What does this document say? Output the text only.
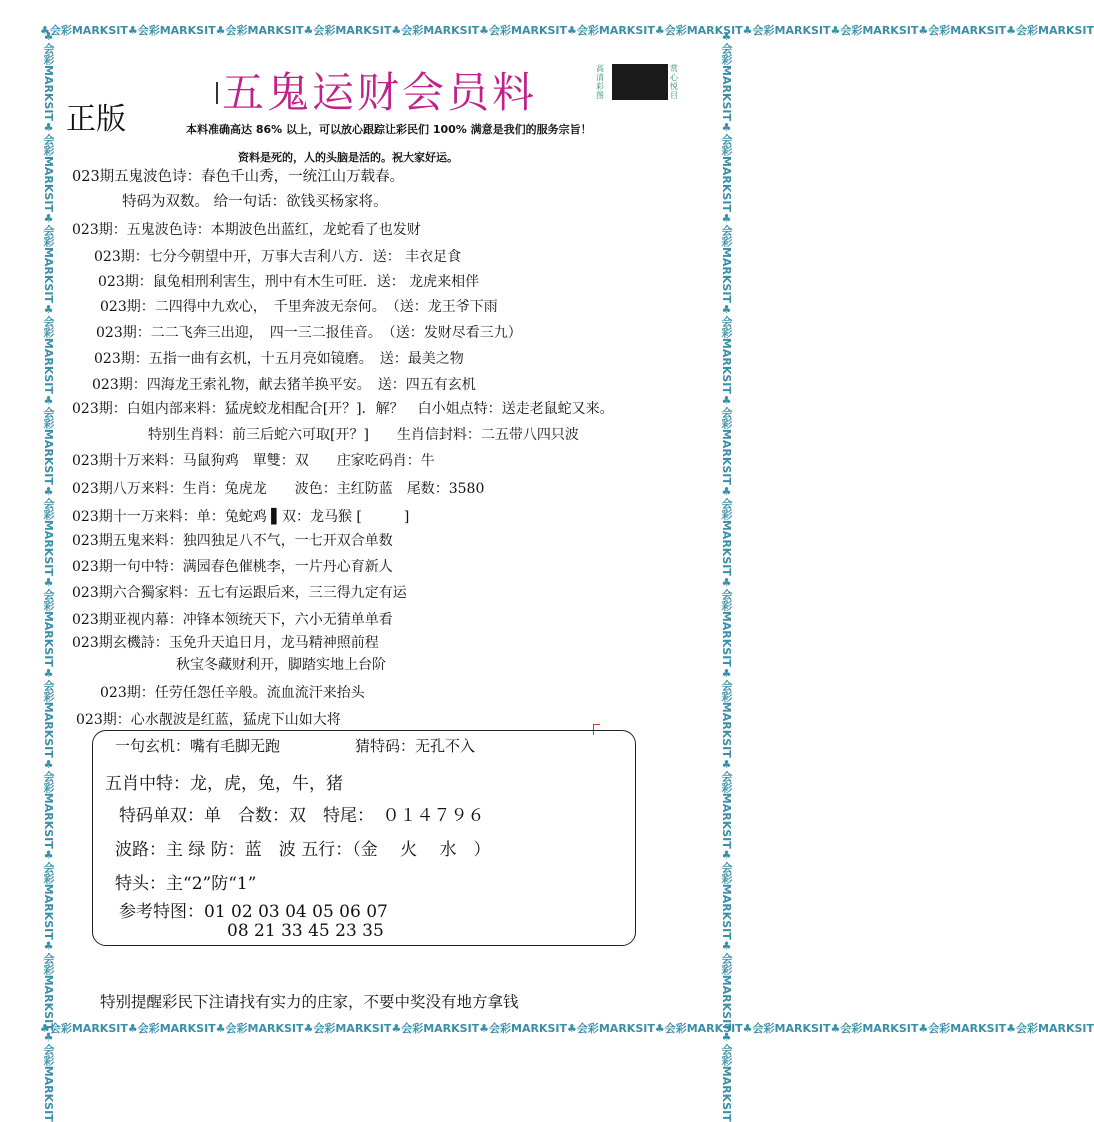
♣会彩MARKSIT♣会彩MARKSIT♣会彩MARKSIT♣会彩MARKSIT♣会彩MARKSIT♣会彩MARKSIT♣会彩MARKSIT♣会彩MARKSIT♣会彩MARKSIT♣会彩MARKSIT♣会彩MARKSIT♣会彩MARKSIT
♣会彩MARKSIT♣会彩MARKSIT♣会彩MARKSIT♣会彩MARKSIT♣会彩MARKSIT♣会彩MARKSIT♣会彩MARKSIT♣会彩MARKSIT♣会彩MARKSIT♣会彩MARKSIT♣会彩MARKSIT♣会彩MARKSIT
♣会彩MARKSIT♣会彩MARKSIT♣会彩MARKSIT♣会彩MARKSIT♣会彩MARKSIT♣会彩MARKSIT♣会彩MARKSIT♣会彩MARKSIT♣会彩MARKSIT♣会彩MARKSIT♣会彩MARKSIT♣会彩MARKSIT	♣会彩MARKSIT♣会彩MARKSIT♣会彩MARKSIT♣会彩MARKSIT♣会彩MARKSIT♣会彩MARKSIT♣会彩MARKSIT♣会彩MARKSIT♣会彩MARKSIT♣会彩MARKSIT♣会彩MARKSIT♣会彩MARKSIT
五鬼运财会员料
正版
高清彩图
赏心悦目
本料准确高达 86% 以上，可以放心跟踪让彩民们 100% 满意是我们的服务宗旨！
资料是死的，人的头脑是活的。祝大家好运。
023期五鬼波色诗：春色千山秀，一统江山万载春。
特码为双数。 给一句话：欲钱买杨家将。
023期：五鬼波色诗：本期波色出蓝红，龙蛇看了也发财
023期：七分今朝望中开，万事大吉利八方．送： 丰衣足食
023期：鼠兔相刑利害生，刑中有木生可旺．送： 龙虎来相伴
023期：二四得中九欢心，　千里奔波无奈何。　（送：龙王爷下雨
023期：二二飞奔三出迎，　四一三二报佳音。　（送：发财尽看三九）
023期：五指一曲有玄机，十五月亮如镜磨。　送：最美之物
023期：四海龙王索礼物，献去猪羊换平安。　送：四五有玄机
023期：白姐内部来料：猛虎蛟龙相配合[开？]．解？　白小姐点特：送走老鼠蛇又来。
特别生肖料：前三后蛇六可取[开？]　　生肖信封料：二五带八四只波
023期十万来料：马鼠狗鸡　單雙：双　　庄家吃码肖：牛
023期八万来料：生肖：兔虎龙　　波色：主红防蓝　尾数：3580
023期十一万来料：单：兔蛇鸡 ▌双：龙马猴 [　　　]
023期五鬼来料：独四独足八不气，一七开双合单数
023期一句中特：满园春色催桃李，一片丹心育新人
023期六合獨家料：五七有运跟后来，三三得九定有运
023期亚视内幕：冲锋本领统天下，六小无猜单单看
023期玄機詩：玉免升天追日月，龙马精神照前程
秋宝冬藏财利开，脚踏实地上台阶
023期：任劳任怨任辛般。流血流汗来抬头
023期：心水靓波是红蓝，猛虎下山如大将
一句玄机：嘴有毛脚无跑	猜特码：无孔不入
五肖中特：龙，虎，兔，牛，猪
特码单双：单　合数：双　特尾：　０１４７９６
波路：主 绿 防：蓝　波 五行：（金　 火　 水　）
特头：主“2”防“1”
参考特图：01 02 03 04 05 06 07
08 21 33 45 23 35
特别提醒彩民下注请找有实力的庄家，不要中奖没有地方拿钱
